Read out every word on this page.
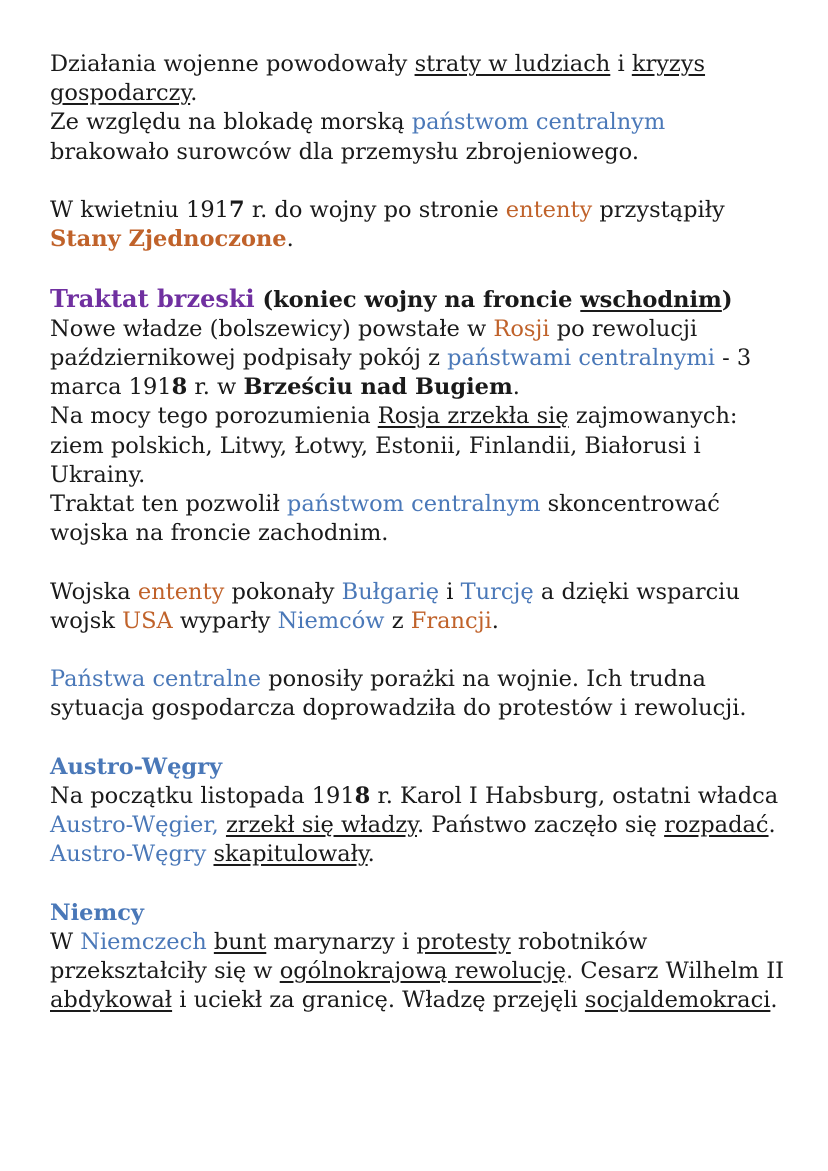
Działania wojenne powodowały straty w ludziach i kryzys gospodarczy.

Ze względu na blokadę morską państwom centralnym brakowało surowców dla przemysłu zbrojeniowego.

W kwietniu 1917 r. do wojny po stronie ententy przystąpiły Stany Zjednoczone.

Traktat brzeski (koniec wojny na froncie wschodnim)

Nowe władze (bolszewicy) powstałe w Rosji po rewolucji październikowej podpisały pokój z państwami centralnymi - 3 marca 1918 r. w Brześciu nad Bugiem.

Na mocy tego porozumienia Rosja zrzekła się zajmowanych: ziem polskich, Litwy, Łotwy, Estonii, Finlandii, Białorusi i Ukrainy.

Traktat ten pozwolił państwom centralnym skoncentrować wojska na froncie zachodnim.

Wojska ententy pokonały Bułgarię i Turcję a dzięki wsparciu wojsk USA wyparły Niemców z Francji.

Państwa centralne ponosiły porażki na wojnie. Ich trudna sytuacja gospodarcza doprowadziła do protestów i rewolucji.

Austro-Węgry

Na początku listopada 1918 r. Karol I Habsburg, ostatni władca Austro-Węgier, zrzekł się władzy. Państwo zaczęło się rozpadać. Austro-Węgry skapitulowały.

Niemcy

W Niemczech bunt marynarzy i protesty robotników przekształciły się w ogólnokrajową rewolucję. Cesarz Wilhelm II abdykował i uciekł za granicę. Władzę przejęli socjaldemokraci.
